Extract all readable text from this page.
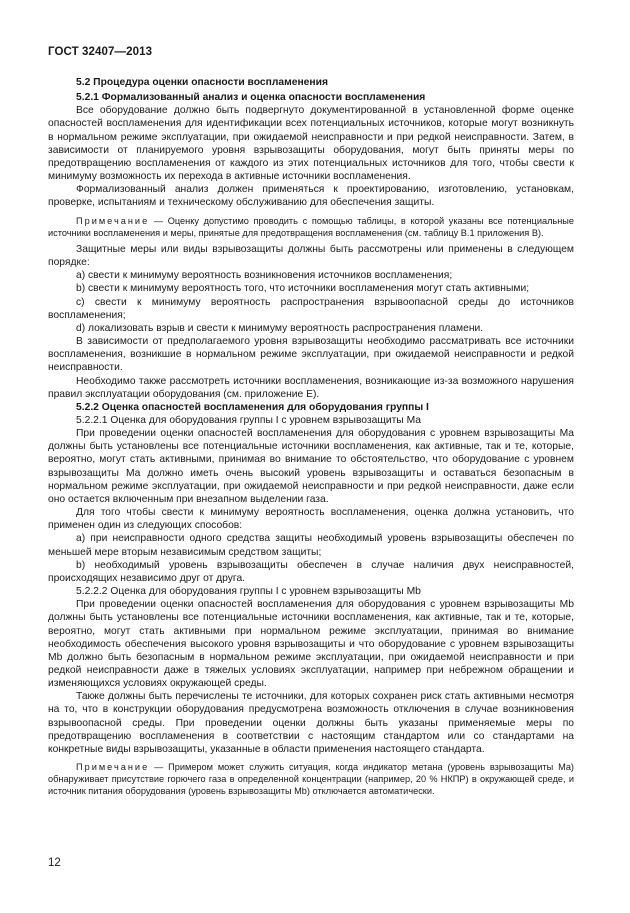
ГОСТ 32407—2013

5.2 Процедура оценки опасности воспламенения

5.2.1 Формализованный анализ и оценка опасности воспламенения

Все оборудование должно быть подвергнуто документированной в установленной форме оценке опасностей воспламенения для идентификации всех потенциальных источников, которые могут возникнуть в нормальном режиме эксплуатации, при ожидаемой неисправности и при редкой неисправности. Затем, в зависимости от планируемого уровня взрывозащиты оборудования, могут быть приняты меры по предотвращению воспламенения от каждого из этих потенциальных источников для того, чтобы свести к минимуму возможность их перехода в активные источники воспламенения.

Формализованный анализ должен применяться к проектированию, изготовлению, установкам, проверке, испытаниям и техническому обслуживанию для обеспечения защиты.

Примечание — Оценку допустимо проводить с помощью таблицы, в которой указаны все потенциальные источники воспламенения и меры, принятые для предотвращения воспламенения (см. таблицу В.1 приложения В).

Защитные меры или виды взрывозащиты должны быть рассмотрены или применены в следующем порядке:

a) свести к минимуму вероятность возникновения источников воспламенения;

b) свести к минимуму вероятность того, что источники воспламенения могут стать активными;

c) свести к минимуму вероятность распространения взрывоопасной среды до источников воспламенения;

d) локализовать взрыв и свести к минимуму вероятность распространения пламени.

В зависимости от предполагаемого уровня взрывозащиты необходимо рассматривать все источники воспламенения, возникшие в нормальном режиме эксплуатации, при ожидаемой неисправности и редкой неисправности.

Необходимо также рассмотреть источники воспламенения, возникающие из-за возможного нарушения правил эксплуатации оборудования (см. приложение Е).

5.2.2 Оценка опасностей воспламенения для оборудования группы I

5.2.2.1 Оценка для оборудования группы I с уровнем взрывозащиты Ма

При проведении оценки опасностей воспламенения для оборудования с уровнем взрывозащиты Ма должны быть установлены все потенциальные источники воспламенения, как активные, так и те, которые, вероятно, могут стать активными, принимая во внимание то обстоятельство, что оборудование с уровнем взрывозащиты Ма должно иметь очень высокий уровень взрывозащиты и оставаться безопасным в нормальном режиме эксплуатации, при ожидаемой неисправности и при редкой неисправности, даже если оно остается включенным при внезапном выделении газа.

Для того чтобы свести к минимуму вероятность воспламенения, оценка должна установить, что применен один из следующих способов:

a) при неисправности одного средства защиты необходимый уровень взрывозащиты обеспечен по меньшей мере вторым независимым средством защиты;

b) необходимый уровень взрывозащиты обеспечен в случае наличия двух неисправностей, происходящих независимо друг от друга.

5.2.2.2 Оценка для оборудования группы I с уровнем взрывозащиты Mb

При проведении оценки опасностей воспламенения для оборудования с уровнем взрывозащиты Mb должны быть установлены все потенциальные источники воспламенения, как активные, так и те, которые, вероятно, могут стать активными при нормальном режиме эксплуатации, принимая во внимание необходимость обеспечения высокого уровня взрывозащиты и что оборудование с уровнем взрывозащиты Mb должно быть безопасным в нормальном режиме эксплуатации, при ожидаемой неисправности и при редкой неисправности даже в тяжелых условиях эксплуатации, например при небрежном обращении и изменяющихся условиях окружающей среды.

Также должны быть перечислены те источники, для которых сохранен риск стать активными несмотря на то, что в конструкции оборудования предусмотрена возможность отключения в случае возникновения взрывоопасной среды. При проведении оценки должны быть указаны применяемые меры по предотвращению воспламенения в соответствии с настоящим стандартом или со стандартами на конкретные виды взрывозащиты, указанные в области применения настоящего стандарта.

Примечание — Примером может служить ситуация, когда индикатор метана (уровень взрывозащиты Ма) обнаруживает присутствие горючего газа в определенной концентрации (например, 20 % НКПР) в окружающей среде, и источник питания оборудования (уровень взрывозащиты Mb) отключается автоматически.

12
